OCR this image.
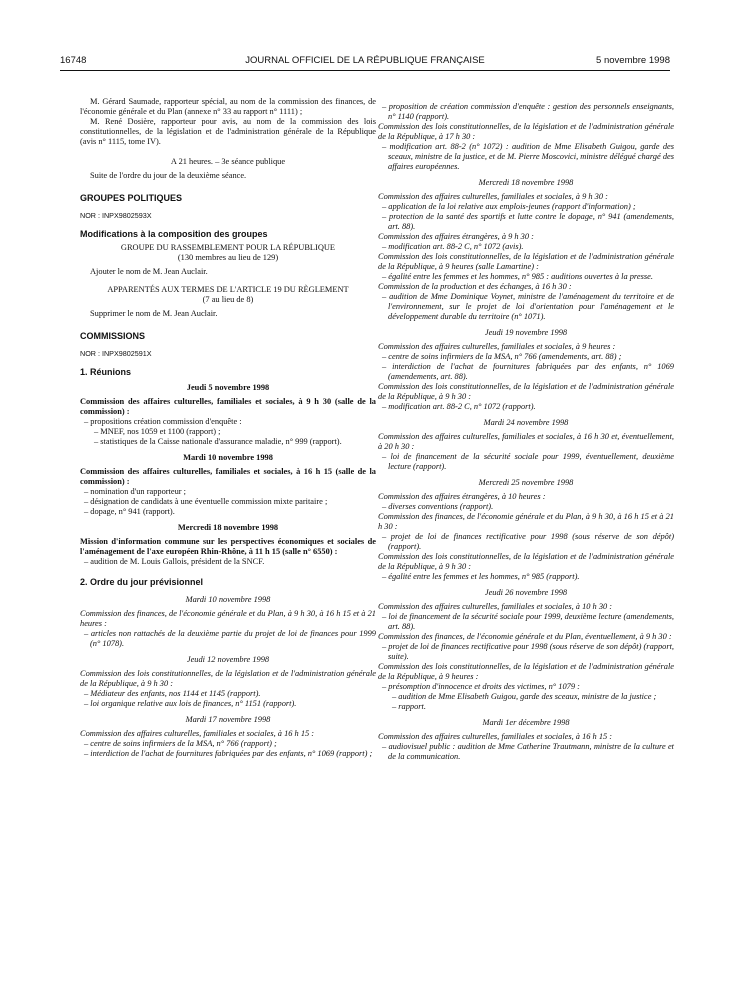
16748	JOURNAL OFFICIEL DE LA RÉPUBLIQUE FRANÇAISE	5 novembre 1998

M. Gérard Saumade, rapporteur spécial, au nom de la commission des finances, de l'économie générale et du Plan (annexe n° 33 au rapport n° 1111) ;

M. René Dosière, rapporteur pour avis, au nom de la commission des lois constitutionnelles, de la législation et de l'administration générale de la République (avis n° 1115, tome IV).

A 21 heures. – 3e séance publique

Suite de l'ordre du jour de la deuxième séance.

GROUPES POLITIQUES

NOR : INPX9802593X

Modifications à la composition des groupes

GROUPE DU RASSEMBLEMENT POUR LA RÉPUBLIQUE

(130 membres au lieu de 129)

Ajouter le nom de M. Jean Auclair.

APPARENTÉS AUX TERMES DE L'ARTICLE 19 DU RÈGLEMENT

(7 au lieu de 8)

Supprimer le nom de M. Jean Auclair.

COMMISSIONS

NOR : INPX9802591X

1. Réunions

Jeudi 5 novembre 1998

Commission des affaires culturelles, familiales et sociales, à 9 h 30 (salle de la commission) :

– propositions création commission d'enquête :

– MNEF, nos 1059 et 1100 (rapport) ;

– statistiques de la Caisse nationale d'assurance maladie, n° 999 (rapport).

Mardi 10 novembre 1998

Commission des affaires culturelles, familiales et sociales, à 16 h 15 (salle de la commission) :

– nomination d'un rapporteur ;

– désignation de candidats à une éventuelle commission mixte paritaire ;

– dopage, n° 941 (rapport).

Mercredi 18 novembre 1998

Mission d'information commune sur les perspectives économiques et sociales de l'aménagement de l'axe européen Rhin-Rhône, à 11 h 15 (salle n° 6550) :

– audition de M. Louis Gallois, président de la SNCF.

2. Ordre du jour prévisionnel

Mardi 10 novembre 1998

Commission des finances, de l'économie générale et du Plan, à 9 h 30, à 16 h 15 et à 21 heures :

– articles non rattachés de la deuxième partie du projet de loi de finances pour 1999 (n° 1078).

Jeudi 12 novembre 1998

Commission des lois constitutionnelles, de la législation et de l'administration générale de la République, à 9 h 30 :

– Médiateur des enfants, nos 1144 et 1145 (rapport).

– loi organique relative aux lois de finances, n° 1151 (rapport).

Mardi 17 novembre 1998

Commission des affaires culturelles, familiales et sociales, à 16 h 15 :

– centre de soins infirmiers de la MSA, n° 766 (rapport) ;

– interdiction de l'achat de fournitures fabriquées par des enfants, n° 1069 (rapport) ;

– proposition de création commission d'enquête : gestion des personnels enseignants, n° 1140 (rapport).

Commission des lois constitutionnelles, de la législation et de l'administration générale de la République, à 17 h 30 :

– modification art. 88-2 (n° 1072) : audition de Mme Elisabeth Guigou, garde des sceaux, ministre de la justice, et de M. Pierre Moscovici, ministre délégué chargé des affaires européennes.

Mercredi 18 novembre 1998

Commission des affaires culturelles, familiales et sociales, à 9 h 30 :

– application de la loi relative aux emplois-jeunes (rapport d'information) ;

– protection de la santé des sportifs et lutte contre le dopage, n° 941 (amendements, art. 88).

Commission des affaires étrangères, à 9 h 30 :

– modification art. 88-2 C, n° 1072 (avis).

Commission des lois constitutionnelles, de la législation et de l'administration générale de la République, à 9 heures (salle Lamartine) :

– égalité entre les femmes et les hommes, n° 985 : auditions ouvertes à la presse.

Commission de la production et des échanges, à 16 h 30 :

– audition de Mme Dominique Voynet, ministre de l'aménagement du territoire et de l'environnement, sur le projet de loi d'orientation pour l'aménagement et le développement durable du territoire (n° 1071).

Jeudi 19 novembre 1998

Commission des affaires culturelles, familiales et sociales, à 9 heures :

– centre de soins infirmiers de la MSA, n° 766 (amendements, art. 88) ;

– interdiction de l'achat de fournitures fabriquées par des enfants, n° 1069 (amendements, art. 88).

Commission des lois constitutionnelles, de la législation et de l'administration générale de la République, à 9 h 30 :

– modification art. 88-2 C, n° 1072 (rapport).

Mardi 24 novembre 1998

Commission des affaires culturelles, familiales et sociales, à 16 h 30 et, éventuellement, à 20 h 30 :

– loi de financement de la sécurité sociale pour 1999, éventuellement, deuxième lecture (rapport).

Mercredi 25 novembre 1998

Commission des affaires étrangères, à 10 heures :

– diverses conventions (rapport).

Commission des finances, de l'économie générale et du Plan, à 9 h 30, à 16 h 15 et à 21 h 30 :

– projet de loi de finances rectificative pour 1998 (sous réserve de son dépôt) (rapport).

Commission des lois constitutionnelles, de la législation et de l'administration générale de la République, à 9 h 30 :

– égalité entre les femmes et les hommes, n° 985 (rapport).

Jeudi 26 novembre 1998

Commission des affaires culturelles, familiales et sociales, à 10 h 30 :

– loi de financement de la sécurité sociale pour 1999, deuxième lecture (amendements, art. 88).

Commission des finances, de l'économie générale et du Plan, éventuellement, à 9 h 30 :

– projet de loi de finances rectificative pour 1998 (sous réserve de son dépôt) (rapport, suite).

Commission des lois constitutionnelles, de la législation et de l'administration générale de la République, à 9 heures :

– présomption d'innocence et droits des victimes, n° 1079 :

– audition de Mme Elisabeth Guigou, garde des sceaux, ministre de la justice ;

– rapport.

Mardi 1er décembre 1998

Commission des affaires culturelles, familiales et sociales, à 16 h 15 :

– audiovisuel public : audition de Mme Catherine Trautmann, ministre de la culture et de la communication.
